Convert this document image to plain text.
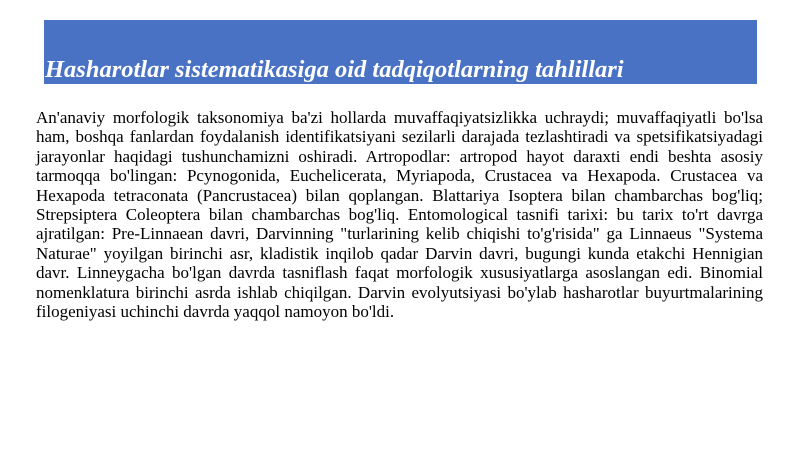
Hasharotlar sistematikasiga oid tadqiqotlarning tahlillari

An'anaviy morfologik taksonomiya ba'zi hollarda muvaffaqiyatsizlikka uchraydi; muvaffaqiyatli bo'lsa ham, boshqa fanlardan foydalanish identifikatsiyani sezilarli darajada tezlashtiradi va spetsifikatsiyadagi jarayonlar haqidagi tushunchamizni oshiradi. Artropodlar: artropod hayot daraxti endi beshta asosiy tarmoqqa bo'lingan: Pcynogonida, Euchelicerata, Myriapoda, Crustacea va Hexapoda. Crustacea va Hexapoda tetraconata (Pancrustacea) bilan qoplangan. Blattariya Isoptera bilan chambarchas bog'liq; Strepsiptera Coleoptera bilan chambarchas bog'liq. Entomological tasnifi tarixi: bu tarix to'rt davrga ajratilgan: Pre-Linnaean davri, Darvinning "turlarining kelib chiqishi to'g'risida" ga Linnaeus "Systema Naturae" yoyilgan birinchi asr, kladistik inqilob qadar Darvin davri, bugungi kunda etakchi Hennigian davr. Linneygacha bo'lgan davrda tasniflash faqat morfologik xususiyatlarga asoslangan edi. Binomial nomenklatura birinchi asrda ishlab chiqilgan. Darvin evolyutsiyasi bo'ylab hasharotlar buyurtmalarining filogeniyasi uchinchi davrda yaqqol namoyon bo'ldi.
